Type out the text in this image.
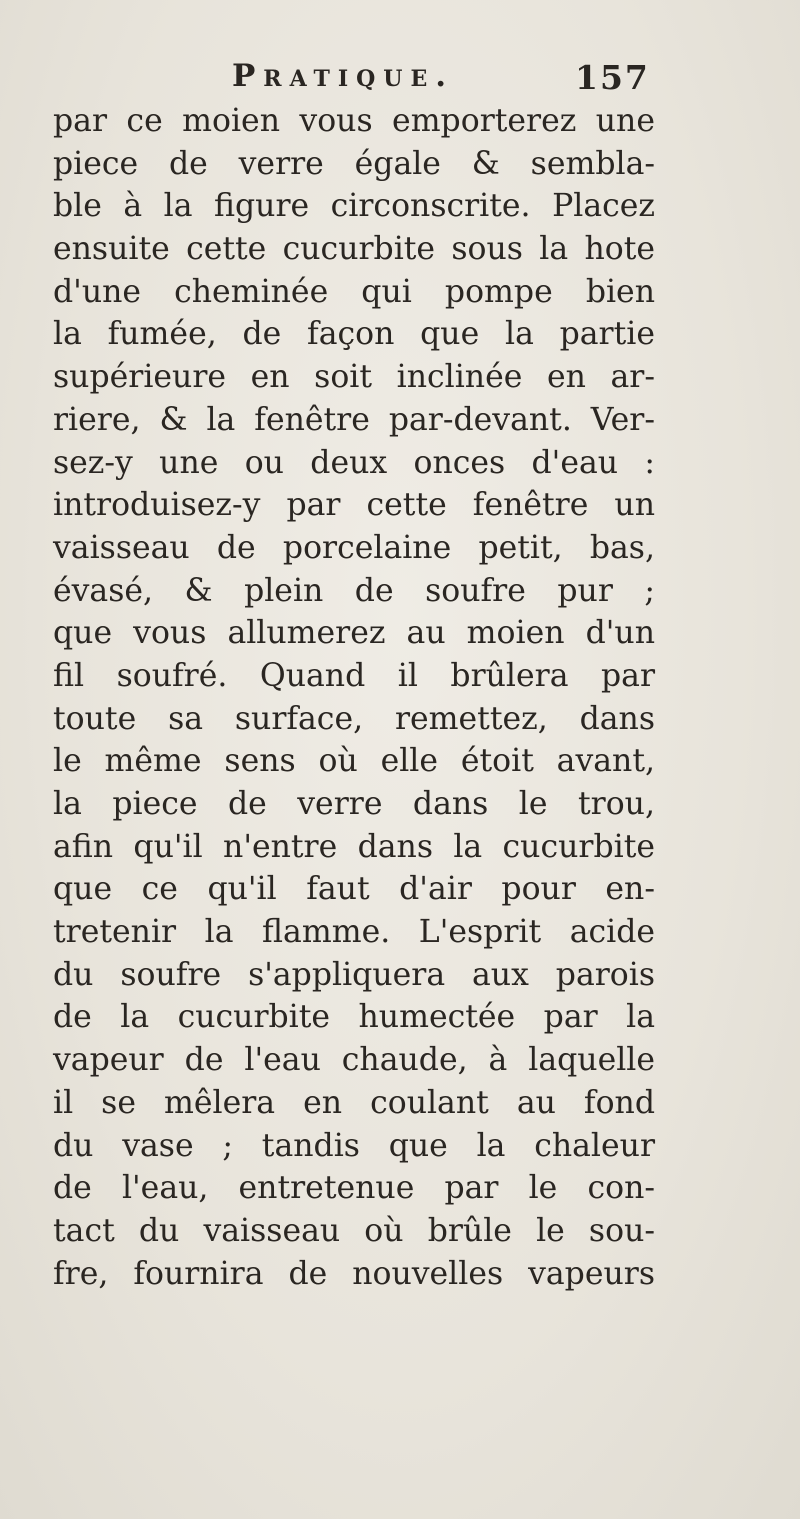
Pratique.	157
par ce moien vous emporterez une
piece de verre égale & sembla-
ble à la figure circonscrite. Placez
ensuite cette cucurbite sous la hote
d'une cheminée qui pompe bien
la fumée, de façon que la partie
supérieure en soit inclinée en ar-
riere, & la fenêtre par-devant. Ver-
sez-y une ou deux onces d'eau :
introduisez-y par cette fenêtre un
vaisseau de porcelaine petit, bas,
évasé, & plein de soufre pur ;
que vous allumerez au moien d'un
fil soufré. Quand il brûlera par
toute sa surface, remettez, dans
le même sens où elle étoit avant,
la piece de verre dans le trou,
afin qu'il n'entre dans la cucurbite
que ce qu'il faut d'air pour en-
tretenir la flamme. L'esprit acide
du soufre s'appliquera aux parois
de la cucurbite humectée par la
vapeur de l'eau chaude, à laquelle
il se mêlera en coulant au fond
du vase ; tandis que la chaleur
de l'eau, entretenue par le con-
tact du vaisseau où brûle le sou-
fre, fournira de nouvelles vapeurs
